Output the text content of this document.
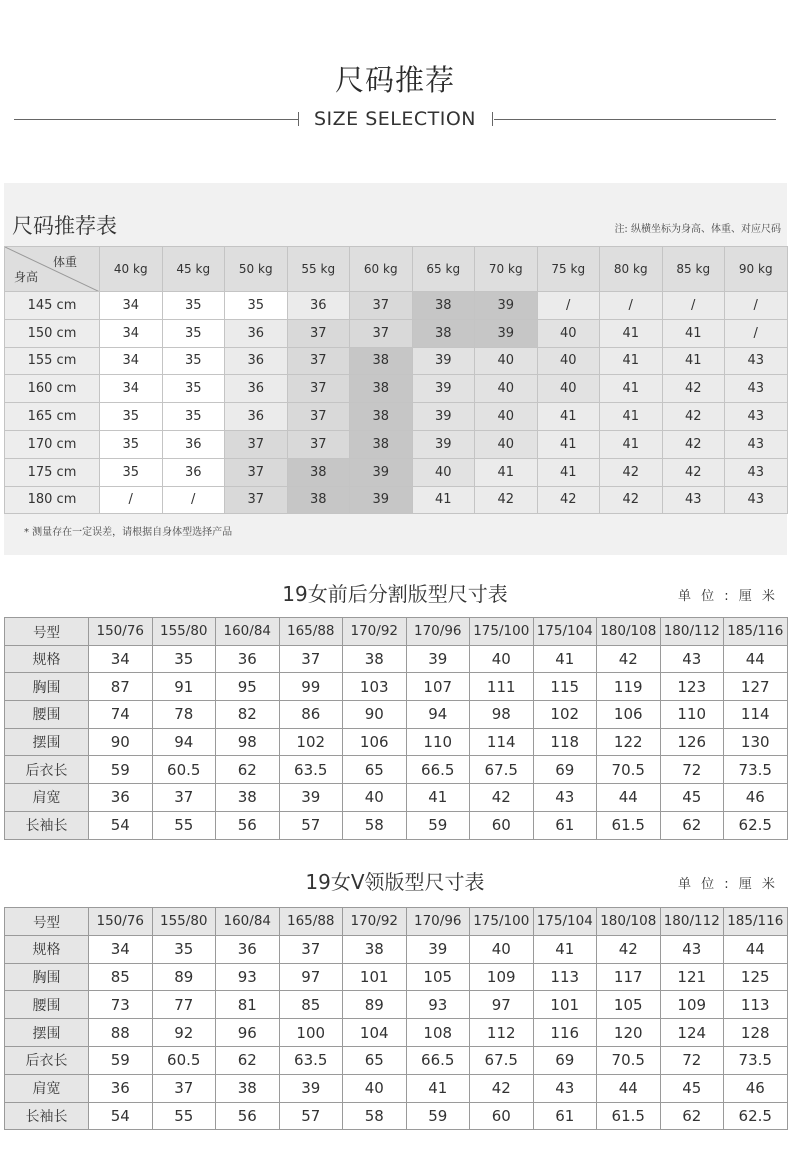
尺码推荐
SIZE SELECTION
尺码推荐表	注: 纵横坐标为身高、体重、对应尺码
* 测量存在一定误差，请根据自身体型选择产品
体重
身高	40 kg	45 kg	50 kg	55 kg	60 kg	65 kg	70 kg	75 kg	80 kg	85 kg	90 kg
145 cm	34	35	35	36	37	38	39	/	/	/	/
150 cm	34	35	36	37	37	38	39	40	41	41	/
155 cm	34	35	36	37	38	39	40	40	41	41	43
160 cm	34	35	36	37	38	39	40	40	41	42	43
165 cm	35	35	36	37	38	39	40	41	41	42	43
170 cm	35	36	37	37	38	39	40	41	41	42	43
175 cm	35	36	37	38	39	40	41	41	42	42	43
180 cm	/	/	37	38	39	41	42	42	42	43	43
19女前后分割版型尺寸表	单 位 : 厘 米
号型	150/76	155/80	160/84	165/88	170/92	170/96	175/100	175/104	180/108	180/112	185/116
规格	34	35	36	37	38	39	40	41	42	43	44
胸围	87	91	95	99	103	107	111	115	119	123	127
腰围	74	78	82	86	90	94	98	102	106	110	114
摆围	90	94	98	102	106	110	114	118	122	126	130
后衣长	59	60.5	62	63.5	65	66.5	67.5	69	70.5	72	73.5
肩宽	36	37	38	39	40	41	42	43	44	45	46
长袖长	54	55	56	57	58	59	60	61	61.5	62	62.5
19女V领版型尺寸表	单 位 : 厘 米
号型	150/76	155/80	160/84	165/88	170/92	170/96	175/100	175/104	180/108	180/112	185/116
规格	34	35	36	37	38	39	40	41	42	43	44
胸围	85	89	93	97	101	105	109	113	117	121	125
腰围	73	77	81	85	89	93	97	101	105	109	113
摆围	88	92	96	100	104	108	112	116	120	124	128
后衣长	59	60.5	62	63.5	65	66.5	67.5	69	70.5	72	73.5
肩宽	36	37	38	39	40	41	42	43	44	45	46
长袖长	54	55	56	57	58	59	60	61	61.5	62	62.5
